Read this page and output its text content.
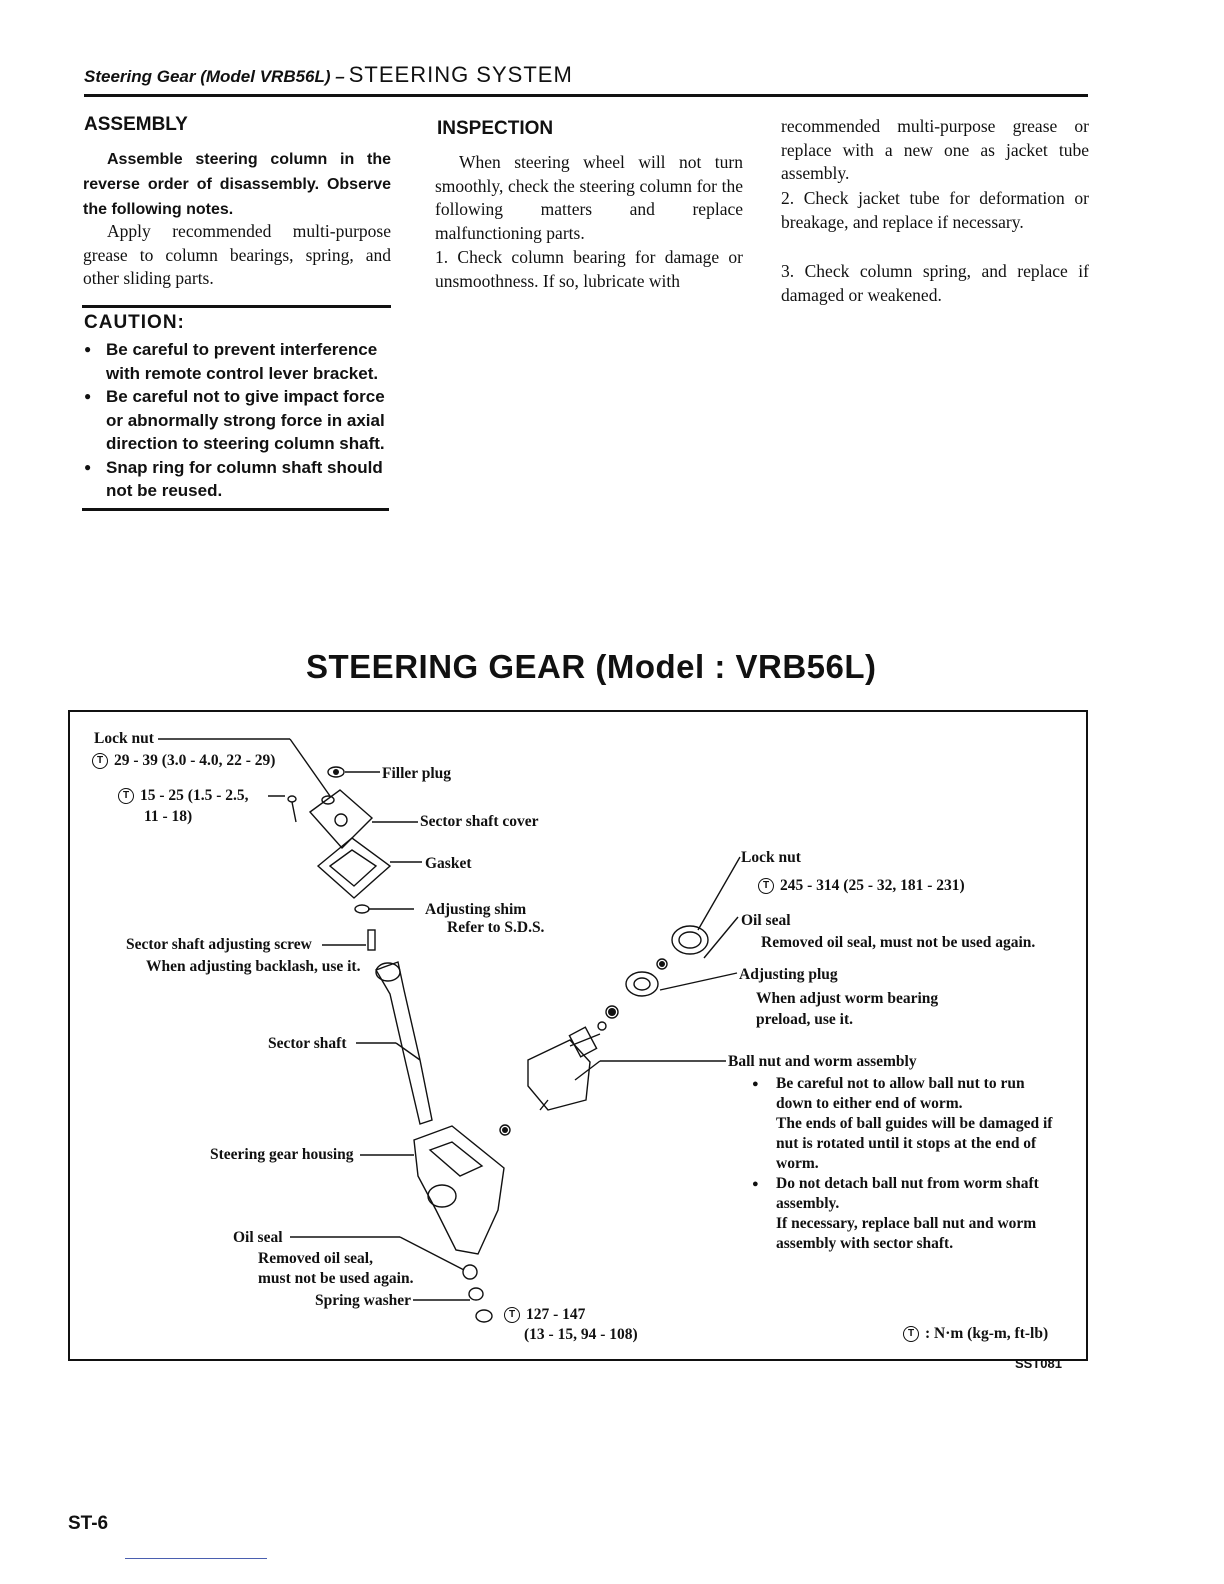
Steering Gear (Model VRB56L) – STEERING SYSTEM
ASSEMBLY
Assemble steering column in the reverse order of disassembly. Observe the following notes.
Apply recommended multi-purpose grease to column bearings, spring, and other sliding parts.
CAUTION:
● Be careful to prevent interference with remote control lever bracket.
● Be careful not to give impact force or abnormally strong force in axial direction to steering column shaft.
● Snap ring for column shaft should not be reused.
INSPECTION
When steering wheel will not turn smoothly, check the steering column for the following matters and replace malfunctioning parts.
1. Check column bearing for damage or unsmoothness. If so, lubricate with
recommended multi-purpose grease or replace with a new one as jacket tube assembly.
2. Check jacket tube for deformation or breakage, and replace if necessary.
3. Check column spring, and replace if damaged or weakened.
STEERING GEAR (Model : VRB56L)
Lock nut
T 29 - 39 (3.0 - 4.0, 22 - 29)
Filler plug
T 15 - 25 (1.5 - 2.5,
11 - 18)	Sector shaft cover
Gasket
Adjusting shim
Refer to S.D.S.
Sector shaft adjusting screw
When adjusting backlash, use it.
Sector shaft
Steering gear housing
Oil seal
Removed oil seal,
must not be used again.
Spring washer
T 127 - 147
(13 - 15, 94 - 108)
Lock nut
T 245 - 314 (25 - 32, 181 - 231)
Oil seal
Removed oil seal, must not be used again.
Adjusting plug
When adjust worm bearing
preload, use it.
Ball nut and worm assembly
● Be careful not to allow ball nut to run down to either end of worm.
The ends of ball guides will be damaged if nut is rotated until it stops at the end of worm.
● Do not detach ball nut from worm shaft assembly.
If necessary, replace ball nut and worm assembly with sector shaft.
T : N·m (kg-m, ft-lb)
SST081
ST-6
